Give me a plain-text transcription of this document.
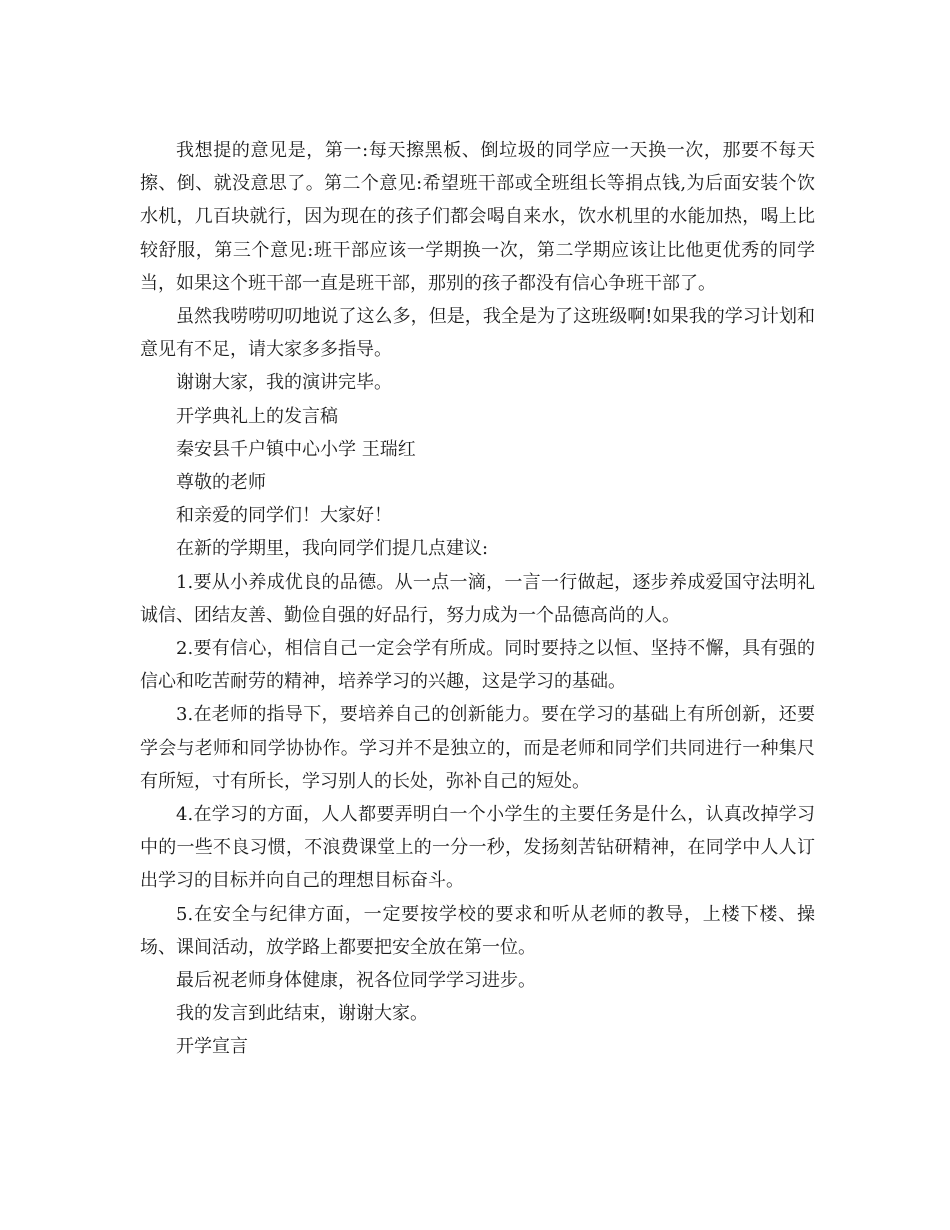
我想提的意见是，第一:每天擦黑板、倒垃圾的同学应一天换一次，那要不每天擦、倒、就没意思了。第二个意见:希望班干部或全班组长等捐点钱,为后面安装个饮水机，几百块就行，因为现在的孩子们都会喝自来水，饮水机里的水能加热，喝上比较舒服，第三个意见:班干部应该一学期换一次，第二学期应该让比他更优秀的同学当，如果这个班干部一直是班干部，那别的孩子都没有信心争班干部了。

虽然我唠唠叨叨地说了这么多，但是，我全是为了这班级啊!如果我的学习计划和意见有不足，请大家多多指导。

谢谢大家，我的演讲完毕。

开学典礼上的发言稿

秦安县千户镇中心小学 王瑞红

尊敬的老师

和亲爱的同学们！大家好！

在新的学期里，我向同学们提几点建议:

1.要从小养成优良的品德。从一点一滴，一言一行做起，逐步养成爱国守法明礼诚信、团结友善、勤俭自强的好品行，努力成为一个品德高尚的人。

2.要有信心，相信自己一定会学有所成。同时要持之以恒、坚持不懈，具有强的信心和吃苦耐劳的精神，培养学习的兴趣，这是学习的基础。

3.在老师的指导下，要培养自己的创新能力。要在学习的基础上有所创新，还要学会与老师和同学协协作。学习并不是独立的，而是老师和同学们共同进行一种集尺有所短，寸有所长，学习别人的长处，弥补自己的短处。

4.在学习的方面，人人都要弄明白一个小学生的主要任务是什么，认真改掉学习中的一些不良习惯，不浪费课堂上的一分一秒，发扬刻苦钻研精神，在同学中人人订出学习的目标并向自己的理想目标奋斗。

5.在安全与纪律方面，一定要按学校的要求和听从老师的教导，上楼下楼、操场、课间活动，放学路上都要把安全放在第一位。

最后祝老师身体健康，祝各位同学学习进步。

我的发言到此结束，谢谢大家。

开学宣言
